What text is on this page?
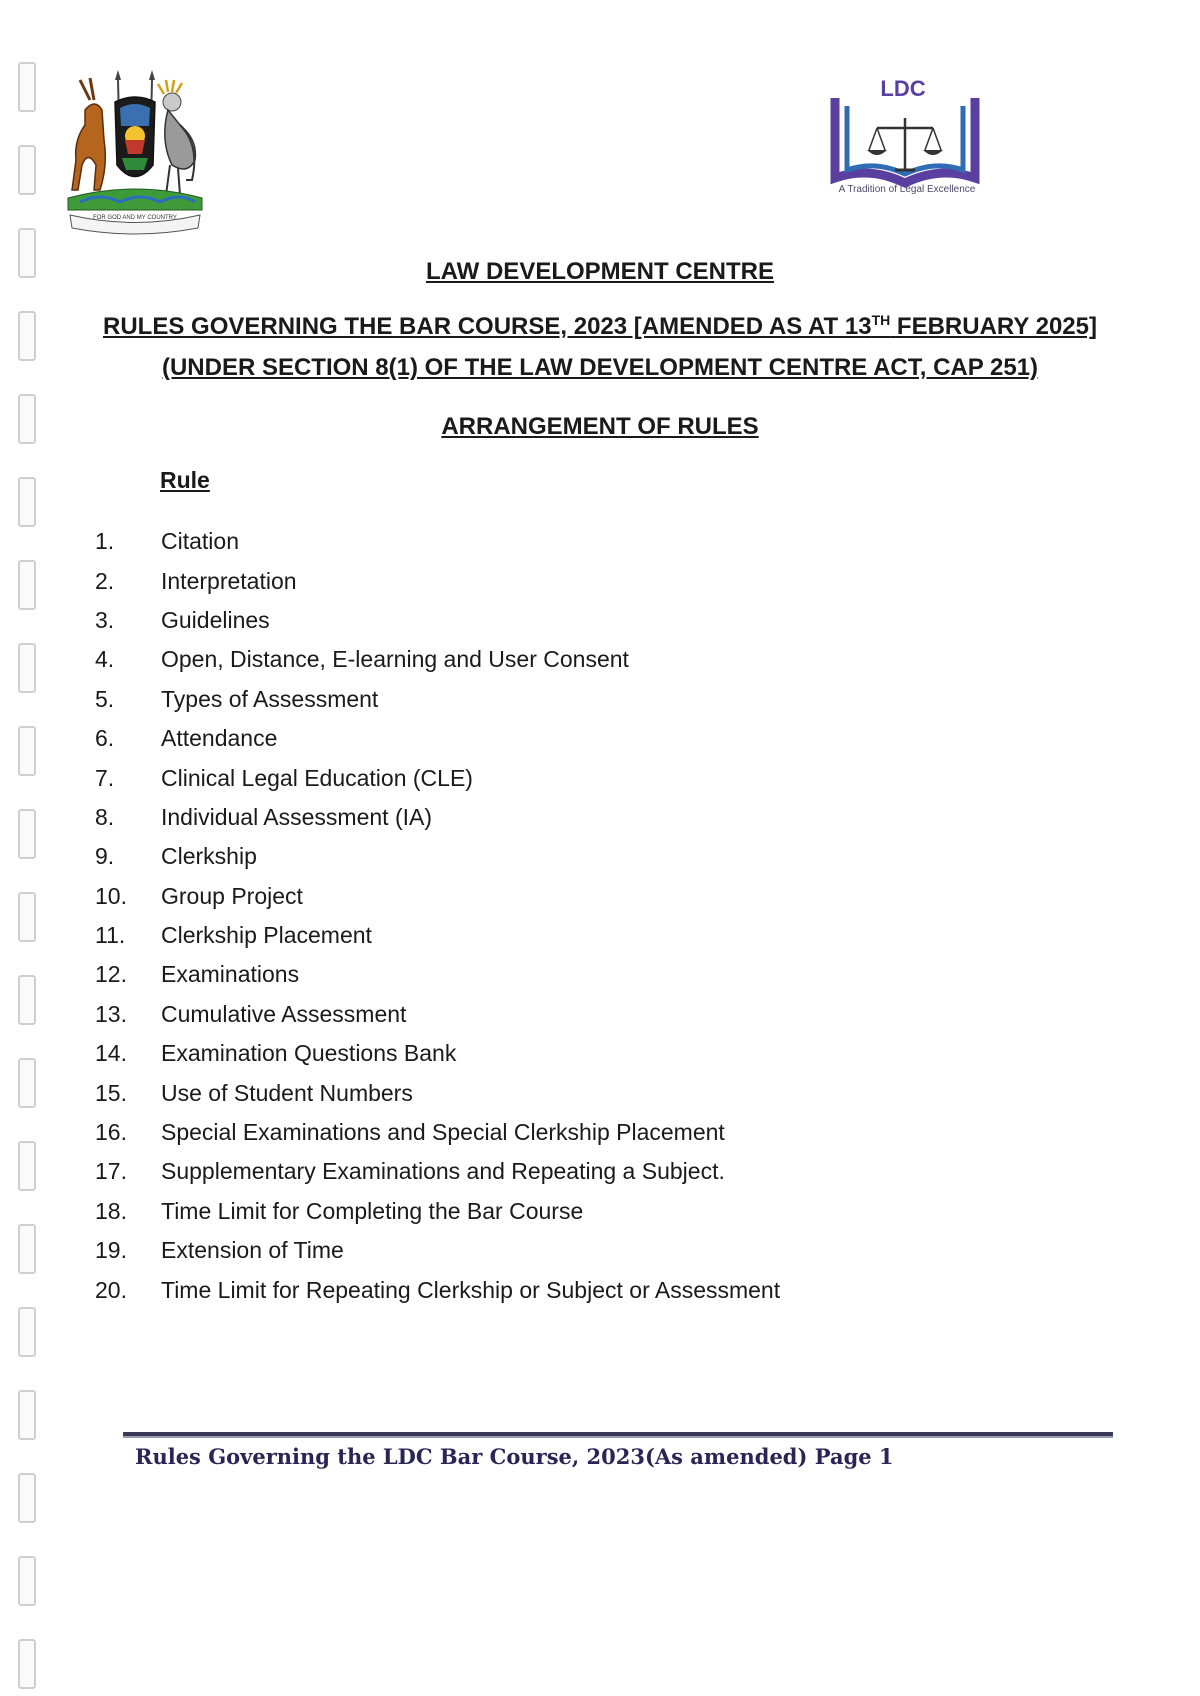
FOR GOD AND MY COUNTRY
LDC
A Tradition of Legal Excellence
LAW DEVELOPMENT CENTRE
RULES GOVERNING THE BAR COURSE, 2023 [AMENDED AS AT 13TH FEBRUARY 2025]
(UNDER SECTION 8(1) OF THE LAW DEVELOPMENT CENTRE ACT, CAP 251)
ARRANGEMENT OF RULES
Rule
1.	Citation
2.	Interpretation
3.	Guidelines
4.	Open, Distance, E-learning and User Consent
5.	Types of Assessment
6.	Attendance
7.	Clinical Legal Education (CLE)
8.	Individual Assessment (IA)
9.	Clerkship
10.	Group Project
11.	Clerkship Placement
12.	Examinations
13.	Cumulative Assessment
14.	Examination Questions Bank
15.	Use of Student Numbers
16.	Special Examinations and Special Clerkship Placement
17.	Supplementary Examinations and Repeating a Subject.
18.	Time Limit for Completing the Bar Course
19.	Extension of Time
20.	Time Limit for Repeating Clerkship or Subject or Assessment
Rules Governing the LDC Bar Course, 2023(As amended) Page 1
